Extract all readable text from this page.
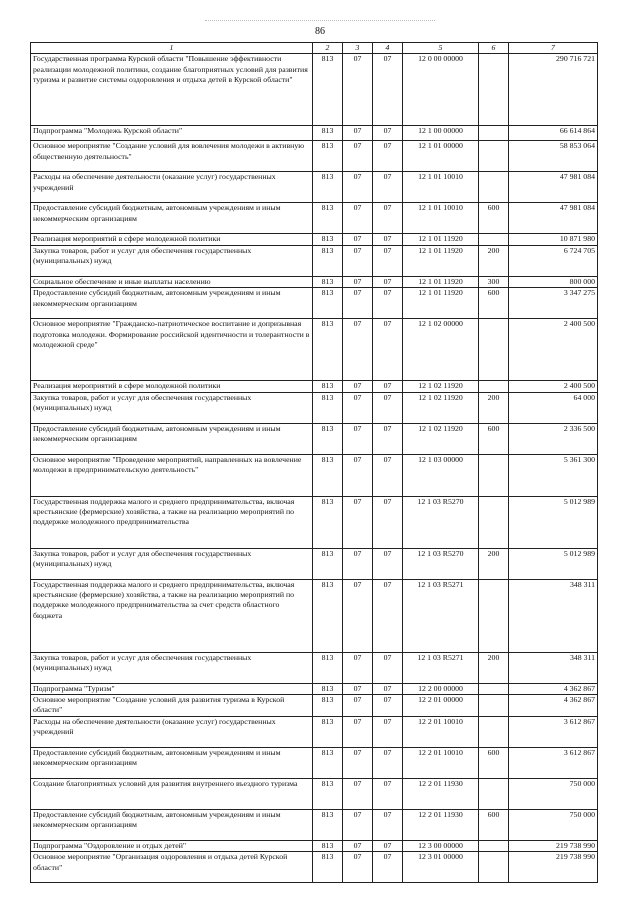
86
1	2	3	4	5	6	7
Государственная программа Курской области "Повышение эффективности реализации молодежной политики, создание благоприятных условий для развития туризма и развитие системы оздоровления и отдыха детей в Курской области"	813	07	07	12 0 00 00000		290 716 721
Подпрограмма "Молодежь Курской области"	813	07	07	12 1 00 00000		66 614 864
Основное мероприятие "Создание условий для вовлечения молодежи в активную общественную деятельность"	813	07	07	12 1 01 00000		58 853 064
Расходы на обеспечение деятельности (оказание услуг) государственных учреждений	813	07	07	12 1 01 10010		47 981 084
Предоставление субсидий бюджетным, автономным учреждениям и иным некоммерческим организациям	813	07	07	12 1 01 10010	600	47 981 084
Реализация мероприятий в сфере молодежной политики	813	07	07	12 1 01 11920		10 871 980
Закупка товаров, работ и услуг для обеспечения государственных (муниципальных) нужд	813	07	07	12 1 01 11920	200	6 724 705
Социальное обеспечение и иные выплаты населению	813	07	07	12 1 01 11920	300	800 000
Предоставление субсидий бюджетным, автономным учреждениям и иным некоммерческим организациям	813	07	07	12 1 01 11920	600	3 347 275
Основное мероприятие "Гражданско-патриотическое воспитание и допризывная подготовка молодежи. Формирование российской идентичности и толерантности в молодежной среде"	813	07	07	12 1 02 00000		2 400 500
Реализация мероприятий в сфере молодежной политики	813	07	07	12 1 02 11920		2 400 500
Закупка товаров, работ и услуг для обеспечения государственных (муниципальных) нужд	813	07	07	12 1 02 11920	200	64 000
Предоставление субсидий бюджетным, автономным учреждениям и иным некоммерческим организациям	813	07	07	12 1 02 11920	600	2 336 500
Основное мероприятие "Проведение мероприятий, направленных на вовлечение молодежи в предпринимательскую деятельность"	813	07	07	12 1 03 00000		5 361 300
Государственная поддержка малого и среднего предпринимательства, включая крестьянские (фермерские) хозяйства, а также на реализацию мероприятий по поддержке молодежного предпринимательства	813	07	07	12 1 03 R5270		5 012 989
Закупка товаров, работ и услуг для обеспечения государственных (муниципальных) нужд	813	07	07	12 1 03 R5270	200	5 012 989
Государственная поддержка малого и среднего предпринимательства, включая крестьянские (фермерские) хозяйства, а также на реализацию мероприятий по поддержке молодежного предпринимательства за счет средств областного бюджета	813	07	07	12 1 03 R5271		348 311
Закупка товаров, работ и услуг для обеспечения государственных (муниципальных) нужд	813	07	07	12 1 03 R5271	200	348 311
Подпрограмма "Туризм"	813	07	07	12 2 00 00000		4 362 867
Основное мероприятие "Создание условий для развития туризма в Курской области"	813	07	07	12 2 01 00000		4 362 867
Расходы на обеспечение деятельности (оказание услуг) государственных учреждений	813	07	07	12 2 01 10010		3 612 867
Предоставление субсидий бюджетным, автономным учреждениям и иным некоммерческим организациям	813	07	07	12 2 01 10010	600	3 612 867
Создание благоприятных условий для развития внутреннего въездного туризма	813	07	07	12 2 01 11930		750 000
Предоставление субсидий бюджетным, автономным учреждениям и иным некоммерческим организациям	813	07	07	12 2 01 11930	600	750 000
Подпрограмма "Оздоровление и отдых детей"	813	07	07	12 3 00 00000		219 738 990
Основное мероприятие "Организация оздоровления и отдыха детей Курской области"	813	07	07	12 3 01 00000		219 738 990
